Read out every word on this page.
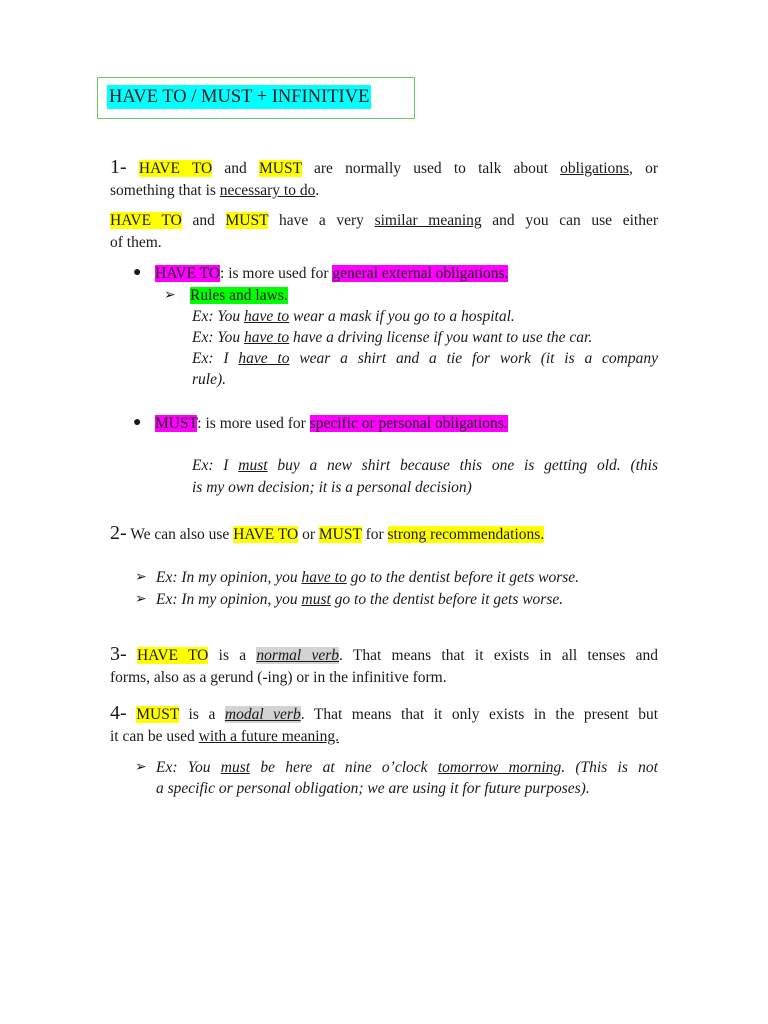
HAVE TO / MUST + INFINITIVE
1- HAVE TO and MUST are normally used to talk about obligations, or
something that is necessary to do.
HAVE TO and MUST have a very similar meaning and you can use either
of them.
● HAVE TO: is more used for general external obligations.
➢ Rules and laws.
Ex: You have to wear a mask if you go to a hospital.
Ex: You have to have a driving license if you want to use the car.
Ex: I have to wear a shirt and a tie for work (it is a company
rule).
● MUST: is more used for specific or personal obligations.
Ex: I must buy a new shirt because this one is getting old. (this
is my own decision; it is a personal decision)
2- We can also use HAVE TO or MUST for strong recommendations.
➢ Ex: In my opinion, you have to go to the dentist before it gets worse.
➢ Ex: In my opinion, you must go to the dentist before it gets worse.
3- HAVE TO is a normal verb. That means that it exists in all tenses and
forms, also as a gerund (-ing) or in the infinitive form.
4- MUST is a modal verb. That means that it only exists in the present but
it can be used with a future meaning.
➢ Ex: You must be here at nine o’clock tomorrow morning. (This is not
a specific or personal obligation; we are using it for future purposes).
